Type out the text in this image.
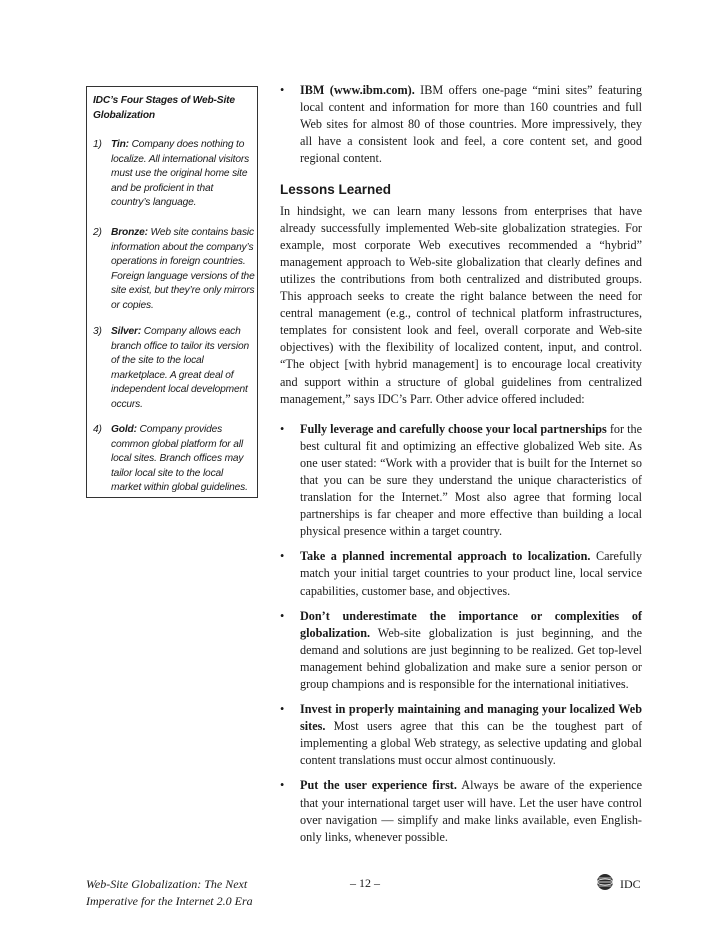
IDC’s Four Stages of Web-Site Globalization
1) Tin: Company does nothing to localize. All international visitors must use the original home site and be proficient in that country’s language.
2) Bronze: Web site contains basic information about the company’s operations in foreign countries. Foreign language versions of the site exist, but they’re only mirrors or copies.
3) Silver: Company allows each branch office to tailor its version of the site to the local marketplace. A great deal of independent local development occurs.
4) Gold: Company provides common global platform for all local sites. Branch offices may tailor local site to the local market within global guidelines.
• IBM (www.ibm.com). IBM offers one-page “mini sites” featuring local content and information for more than 160 countries and full Web sites for almost 80 of those countries. More impressively, they all have a consistent look and feel, a core content set, and good regional content.
Lessons Learned

In hindsight, we can learn many lessons from enterprises that have already successfully implemented Web-site globalization strategies. For example, most corporate Web executives recommended a “hybrid” management approach to Web-site globalization that clearly defines and utilizes the contributions from both centralized and distributed groups. This approach seeks to create the right balance between the need for central management (e.g., control of technical platform infrastructures, templates for consistent look and feel, overall corporate and Web-site objectives) with the flexibility of localized content, input, and control. “The object [with hybrid management] is to encourage local creativity and support within a structure of global guidelines from centralized management,” says IDC’s Parr. Other advice offered included:

• Fully leverage and carefully choose your local partnerships for the best cultural fit and optimizing an effective globalized Web site. As one user stated: “Work with a provider that is built for the Internet so that you can be sure they understand the unique characteristics of translation for the Internet.” Most also agree that forming local partnerships is far cheaper and more effective than building a local physical presence within a target country.
• Take a planned incremental approach to localization. Carefully match your initial target countries to your product line, local service capabilities, customer base, and objectives.
• Don’t underestimate the importance or complexities of globalization. Web-site globalization is just beginning, and the demand and solutions are just beginning to be realized. Get top-level management behind globalization and make sure a senior person or group champions and is responsible for the international initiatives.
• Invest in properly maintaining and managing your localized Web sites. Most users agree that this can be the toughest part of implementing a global Web strategy, as selective updating and global content translations must occur almost continuously.
• Put the user experience first. Always be aware of the experience that your international target user will have. Let the user have control over navigation — simplify and make links available, even English-only links, whenever possible.
Web-Site Globalization: The Next
Imperative for the Internet 2.0 Era
– 12 –	IDC
